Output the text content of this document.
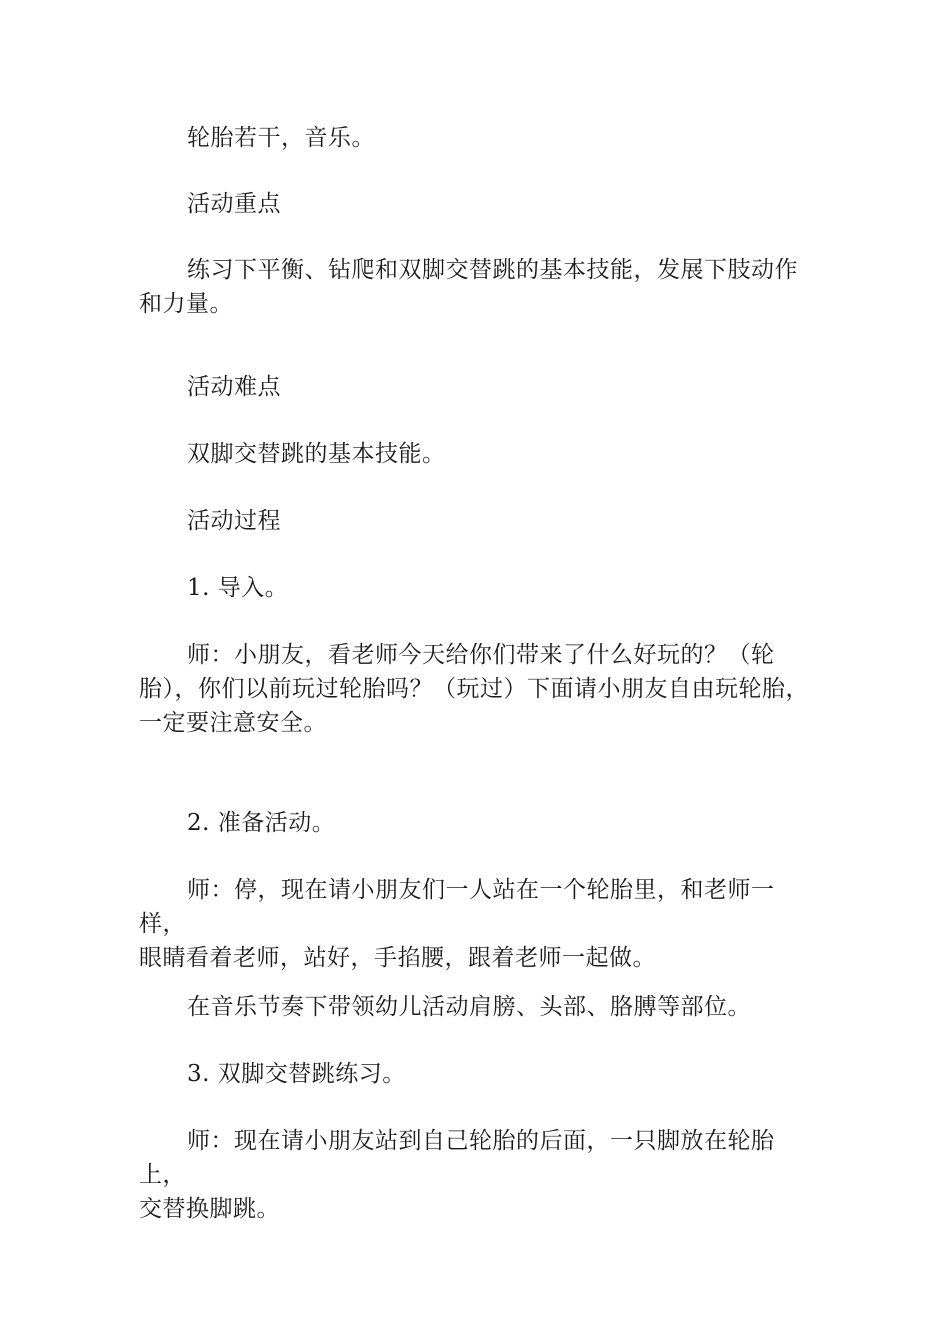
轮胎若干，音乐。

活动重点

练习下平衡、钻爬和双脚交替跳的基本技能，发展下肢动作
和力量。

活动难点

双脚交替跳的基本技能。

活动过程

1. 导入。

师：小朋友，看老师今天给你们带来了什么好玩的？（轮
胎），你们以前玩过轮胎吗？（玩过）下面请小朋友自由玩轮胎，
一定要注意安全。

2. 准备活动。

师：停，现在请小朋友们一人站在一个轮胎里，和老师一样，
眼睛看着老师，站好，手掐腰，跟着老师一起做。

在音乐节奏下带领幼儿活动肩膀、头部、胳膊等部位。

3. 双脚交替跳练习。

师：现在请小朋友站到自己轮胎的后面，一只脚放在轮胎上，
交替换脚跳。
